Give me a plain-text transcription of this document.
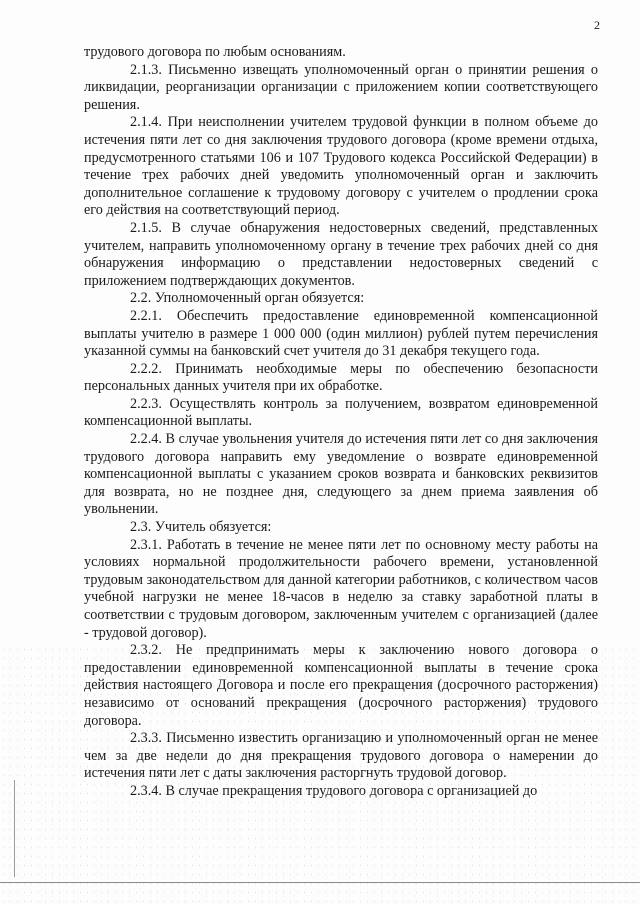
2

трудового договора по любым основаниям.

2.1.3. Письменно извещать уполномоченный орган о принятии решения о ликвидации, реорганизации организации с приложением копии соответствующего решения.

2.1.4. При неисполнении учителем трудовой функции в полном объеме до истечения пяти лет со дня заключения трудового договора (кроме времени отдыха, предусмотренного статьями 106 и 107 Трудового кодекса Российской Федерации) в течение трех рабочих дней уведомить уполномоченный орган и заключить дополнительное соглашение к трудовому договору с учителем о продлении срока его действия на соответствующий период.

2.1.5. В случае обнаружения недостоверных сведений, представленных учителем, направить уполномоченному органу в течение трех рабочих дней со дня обнаружения информацию о представлении недостоверных сведений с приложением подтверждающих документов.

2.2. Уполномоченный орган обязуется:

2.2.1. Обеспечить предоставление единовременной компенсационной выплаты учителю в размере 1 000 000 (один миллион) рублей путем перечисления указанной суммы на банковский счет учителя до 31 декабря текущего года.

2.2.2. Принимать необходимые меры по обеспечению безопасности персональных данных учителя при их обработке.

2.2.3. Осуществлять контроль за получением, возвратом единовременной компенсационной выплаты.

2.2.4. В случае увольнения учителя до истечения пяти лет со дня заключения трудового договора направить ему уведомление о возврате единовременной компенсационной выплаты с указанием сроков возврата и банковских реквизитов для возврата, но не позднее дня, следующего за днем приема заявления об увольнении.

2.3. Учитель обязуется:

2.3.1. Работать в течение не менее пяти лет по основному месту работы на условиях нормальной продолжительности рабочего времени, установленной трудовым законодательством для данной категории работников, с количеством часов учебной нагрузки не менее 18-часов в неделю за ставку заработной платы в соответствии с трудовым договором, заключенным учителем с организацией (далее - трудовой договор).

2.3.2. Не предпринимать меры к заключению нового договора о предоставлении единовременной компенсационной выплаты в течение срока действия настоящего Договора и после его прекращения (досрочного расторжения) независимо от оснований прекращения (досрочного расторжения) трудового договора.

2.3.3. Письменно известить организацию и уполномоченный орган не менее чем за две недели до дня прекращения трудового договора о намерении до истечения пяти лет с даты заключения расторгнуть трудовой договор.

2.3.4. В случае прекращения трудового договора с организацией до
